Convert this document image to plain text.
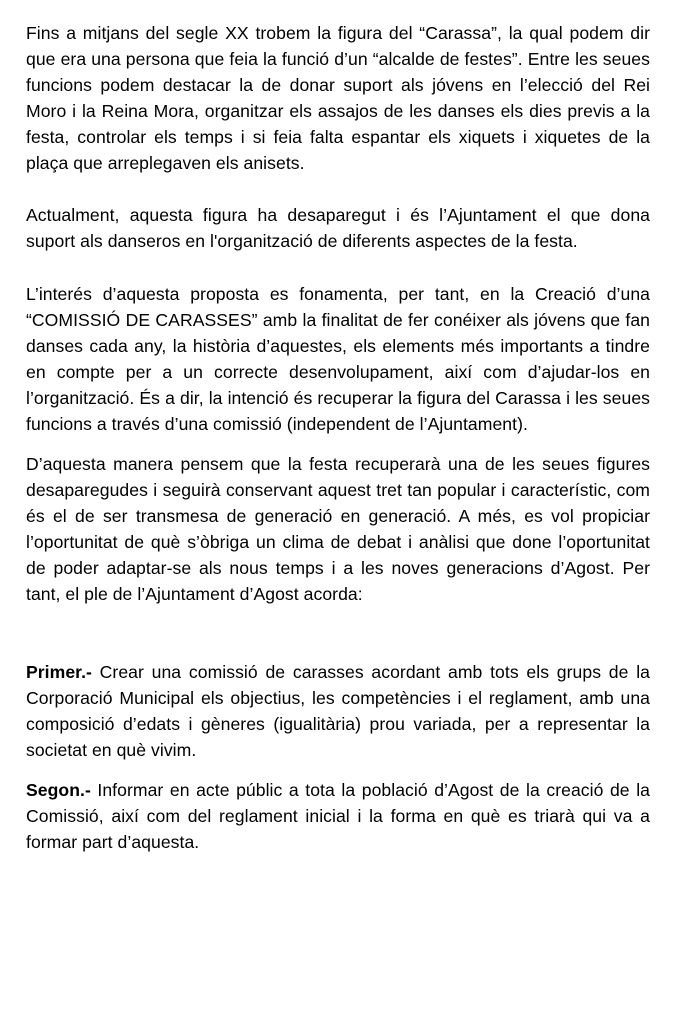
Fins a mitjans del segle XX trobem la figura del “Carassa”, la qual podem dir que era una persona que feia la funció d’un “alcalde de festes”. Entre les seues funcions podem destacar la de donar suport als jóvens en l’elecció del Rei Moro i la Reina Mora, organitzar els assajos de les danses els dies previs a la festa, controlar els temps i si feia falta espantar els xiquets i xiquetes de la plaça que arreplegaven els anisets.

Actualment, aquesta figura ha desaparegut i és l’Ajuntament el que dona suport als danseros en l'organització de diferents aspectes de la festa.

L’interés d’aquesta proposta es fonamenta, per tant, en la Creació d’una “COMISSIÓ DE CARASSES” amb la finalitat de fer conéixer als jóvens que fan danses cada any, la història d’aquestes, els elements més importants a tindre en compte per a un correcte desenvolupament, així com d’ajudar-los en l’organització. És a dir, la intenció és recuperar la figura del Carassa i les seues funcions a través d’una comissió (independent de l’Ajuntament).

D’aquesta manera pensem que la festa recuperarà una de les seues figures desaparegudes i seguirà conservant aquest tret tan popular i característic, com és el de ser transmesa de generació en generació. A més, es vol propiciar l’oportunitat de què s’òbriga un clima de debat i anàlisi que done l’oportunitat de poder adaptar-se als nous temps i a les noves generacions d’Agost. Per tant, el ple de l’Ajuntament d’Agost acorda:

Primer.- Crear una comissió de carasses acordant amb tots els grups de la Corporació Municipal els objectius, les competències i el reglament, amb una composició d’edats i gèneres (igualitària) prou variada, per a representar la societat en què vivim.

Segon.- Informar en acte públic a tota la població d’Agost de la creació de la Comissió, així com del reglament inicial i la forma en què es triarà qui va a formar part d’aquesta.
